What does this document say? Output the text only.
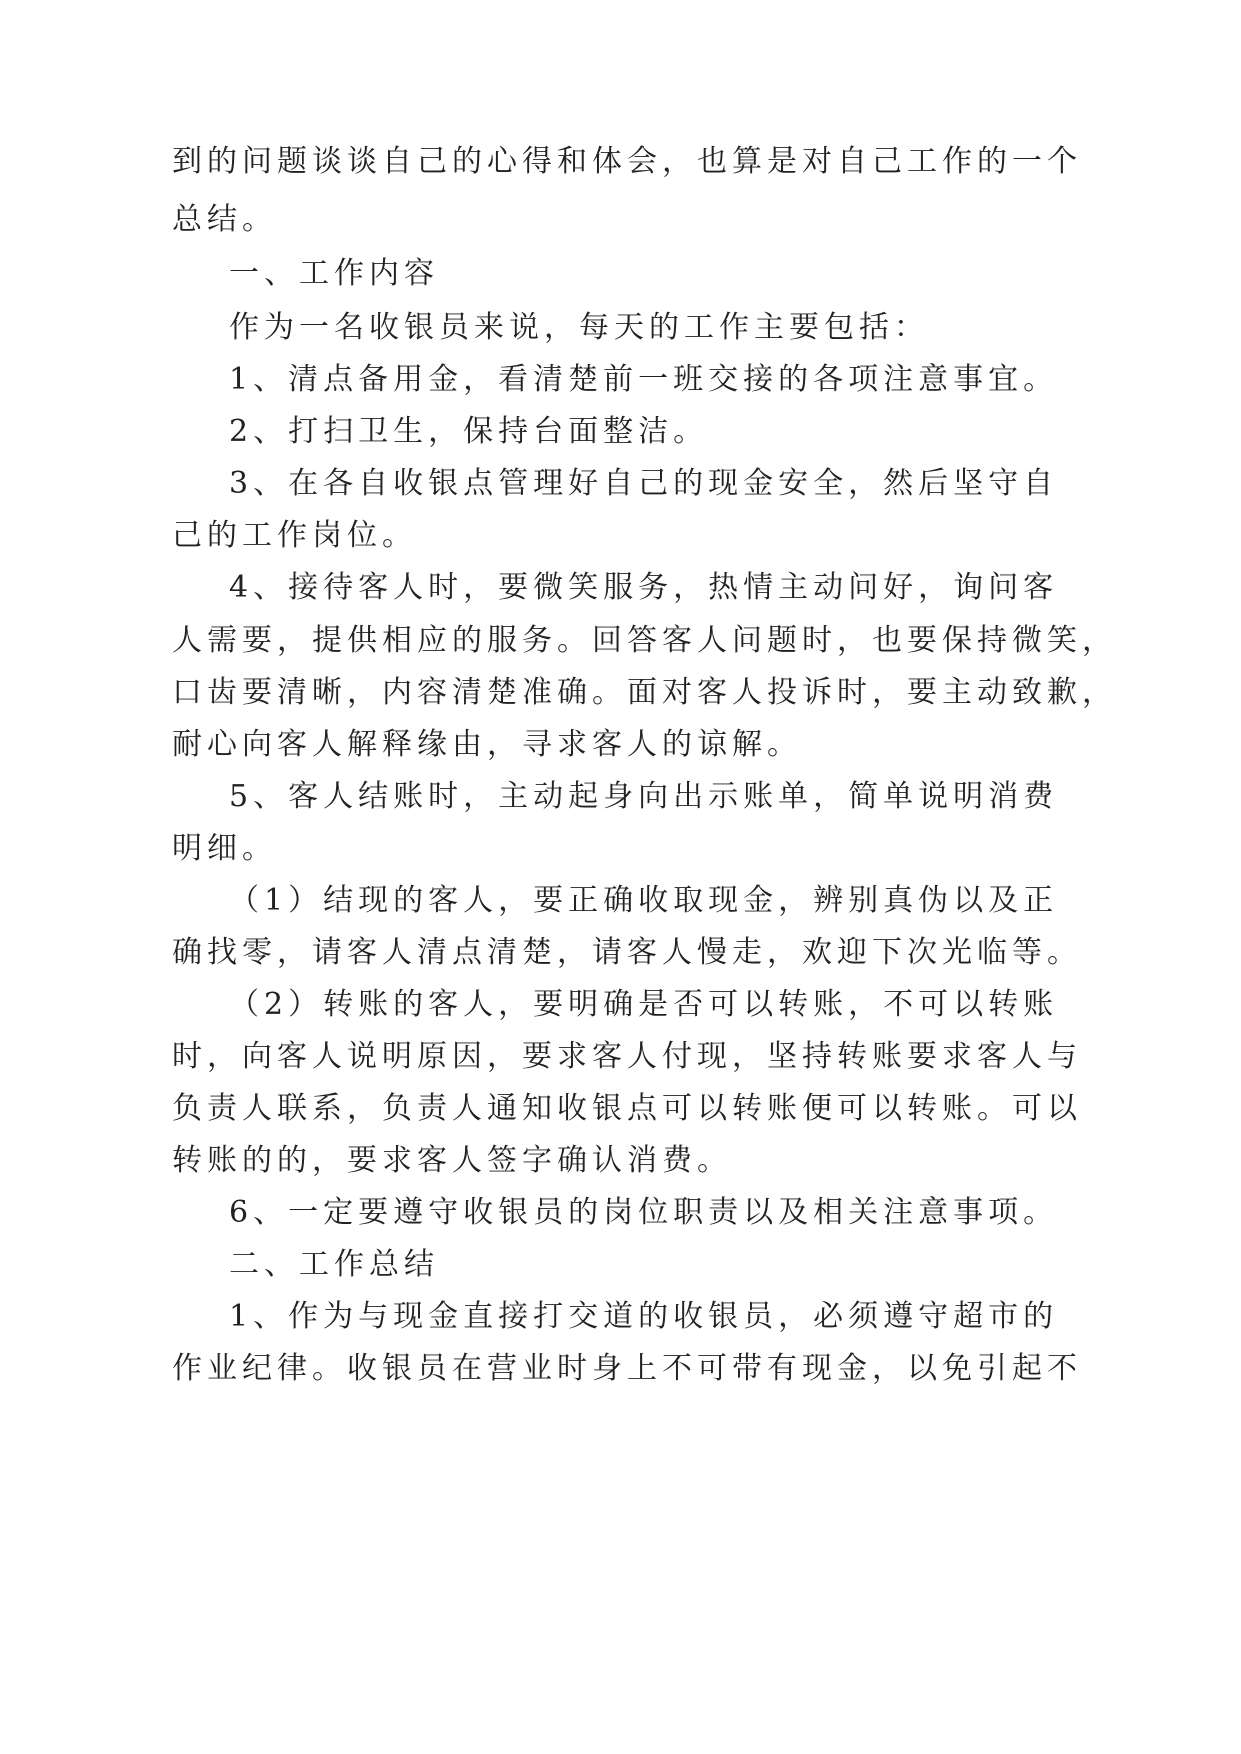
到的问题谈谈自己的心得和体会，也算是对自己工作的一个

总结。

一、工作内容

作为一名收银员来说，每天的工作主要包括：

1、清点备用金，看清楚前一班交接的各项注意事宜。

2、打扫卫生，保持台面整洁。

3、在各自收银点管理好自己的现金安全，然后坚守自

己的工作岗位。

4、接待客人时，要微笑服务，热情主动问好，询问客

人需要，提供相应的服务。回答客人问题时，也要保持微笑，

口齿要清晰，内容清楚准确。面对客人投诉时，要主动致歉，

耐心向客人解释缘由，寻求客人的谅解。

5、客人结账时，主动起身向出示账单，简单说明消费

明细。

（1）结现的客人，要正确收取现金，辨别真伪以及正

确找零，请客人清点清楚，请客人慢走，欢迎下次光临等。

（2）转账的客人，要明确是否可以转账，不可以转账

时，向客人说明原因，要求客人付现，坚持转账要求客人与

负责人联系，负责人通知收银点可以转账便可以转账。可以

转账的的，要求客人签字确认消费。

6、一定要遵守收银员的岗位职责以及相关注意事项。

二、工作总结

1、作为与现金直接打交道的收银员，必须遵守超市的

作业纪律。收银员在营业时身上不可带有现金，以免引起不
